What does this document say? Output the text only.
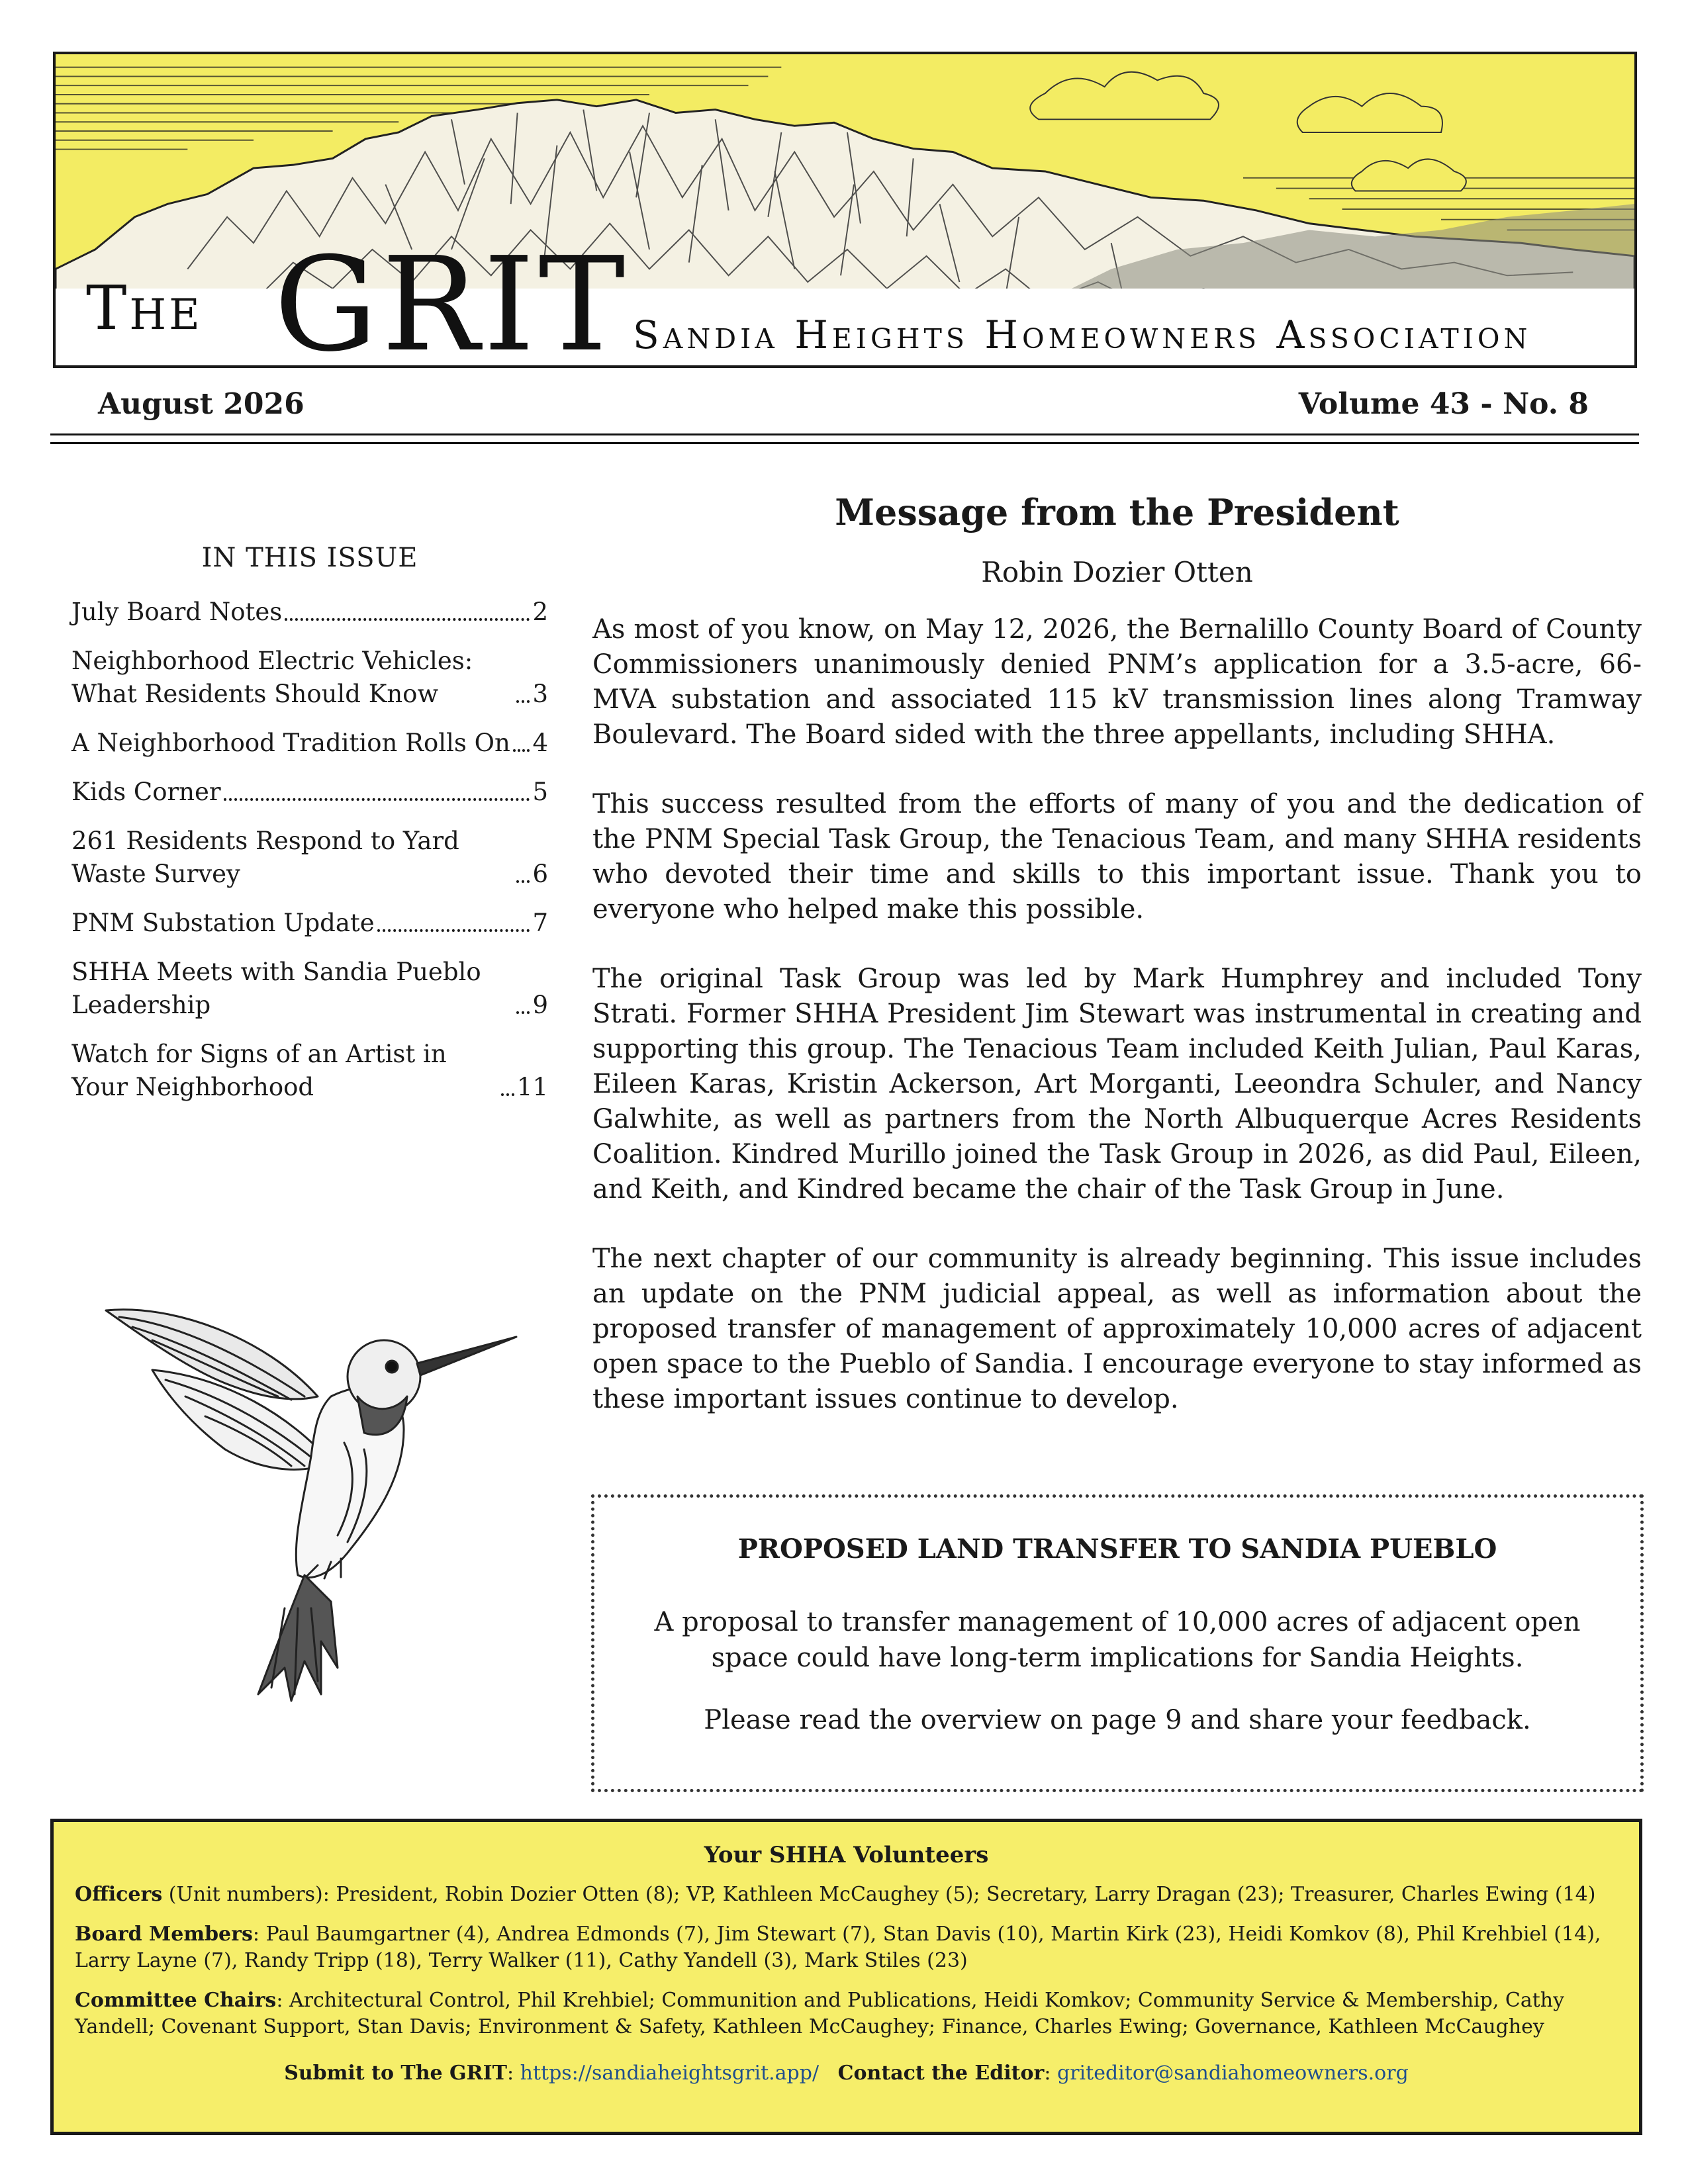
The GRIT Sandia Heights Homeowners Association
August 2026	Volume 43 - No. 8
IN THIS ISSUE
July Board Notes	2
Neighborhood Electric Vehicles: What Residents Should Know	3
A Neighborhood Tradition Rolls On 4
Kids Corner	5
261 Residents Respond to Yard Waste Survey	6
PNM Substation Update	7
SHHA Meets with Sandia Pueblo Leadership	9
Watch for Signs of an Artist in Your Neighborhood	11
Message from the President
Robin Dozier Otten

As most of you know, on May 12, 2026, the Bernalillo County Board of County Commissioners unanimously denied PNM’s application for a 3.5-acre, 66-MVA substation and associated 115 kV transmission lines along Tramway Boulevard. The Board sided with the three appellants, including SHHA.

This success resulted from the efforts of many of you and the dedication of the PNM Special Task Group, the Tenacious Team, and many SHHA residents who devoted their time and skills to this important issue. Thank you to everyone who helped make this possible.

The original Task Group was led by Mark Humphrey and included Tony Strati. Former SHHA President Jim Stewart was instrumental in creating and supporting this group. The Tenacious Team included Keith Julian, Paul Karas, Eileen Karas, Kristin Ackerson, Art Morganti, Leeondra Schuler, and Nancy Galwhite, as well as partners from the North Albuquerque Acres Residents Coalition. Kindred Murillo joined the Task Group in 2026, as did Paul, Eileen, and Keith, and Kindred became the chair of the Task Group in June.

The next chapter of our community is already beginning. This issue includes an update on the PNM judicial appeal, as well as information about the proposed transfer of management of approximately 10,000 acres of adjacent open space to the Pueblo of Sandia. I encourage everyone to stay informed as these important issues continue to develop.

PROPOSED LAND TRANSFER TO SANDIA PUEBLO
A proposal to transfer management of 10,000 acres of adjacent open space could have long-term implications for Sandia Heights.
Please read the overview on page 9 and share your feedback.
Your SHHA Volunteers

Officers (Unit numbers): President, Robin Dozier Otten (8); VP, Kathleen McCaughey (5); Secretary, Larry Dragan (23); Treasurer, Charles Ewing (14)

Board Members: Paul Baumgartner (4), Andrea Edmonds (7), Jim Stewart (7), Stan Davis (10), Martin Kirk (23), Heidi Komkov (8), Phil Krehbiel (14), Larry Layne (7), Randy Tripp (18), Terry Walker (11), Cathy Yandell (3), Mark Stiles (23)

Committee Chairs: Architectural Control, Phil Krehbiel; Communition and Publications, Heidi Komkov; Community Service & Membership, Cathy Yandell; Covenant Support, Stan Davis; Environment & Safety, Kathleen McCaughey; Finance, Charles Ewing; Governance, Kathleen McCaughey

Submit to The GRIT: https://sandiaheightsgrit.app/ Contact the Editor: griteditor@sandiahomeowners.org
